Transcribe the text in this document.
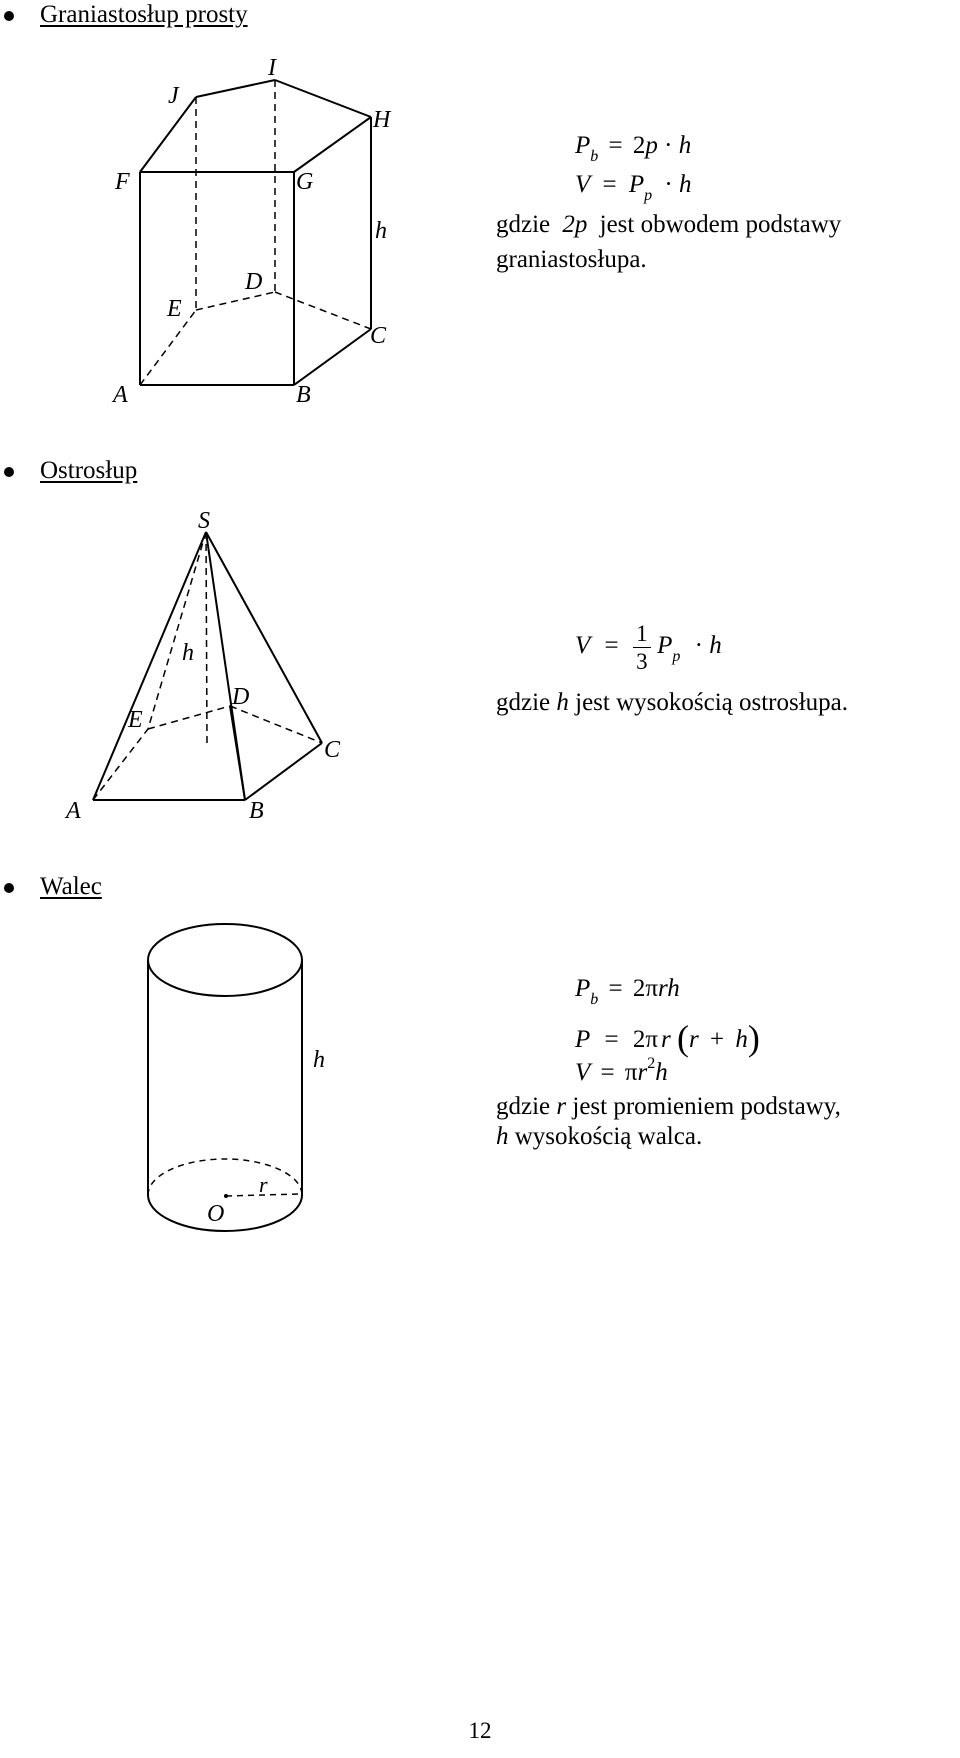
Graniastosłup prosty
J
I
H
F	G
h
D
E
C
A	B
$P_b = 2p \cdot h$
$V = P_p \cdot h$
gdzie 2p jest obwodem podstawy
graniastosłupa.
Ostrosłup
S
h
D
E
C
A	B
$V = \frac{1}{3} P_p \cdot h$
gdzie h jest wysokością ostrosłupa.
Walec
h
r
O
$P_b = 2\pi rh$
P = 2π r (r + h)
$V = \pi r^2h$
gdzie r jest promieniem podstawy,
h wysokością walca.
12
